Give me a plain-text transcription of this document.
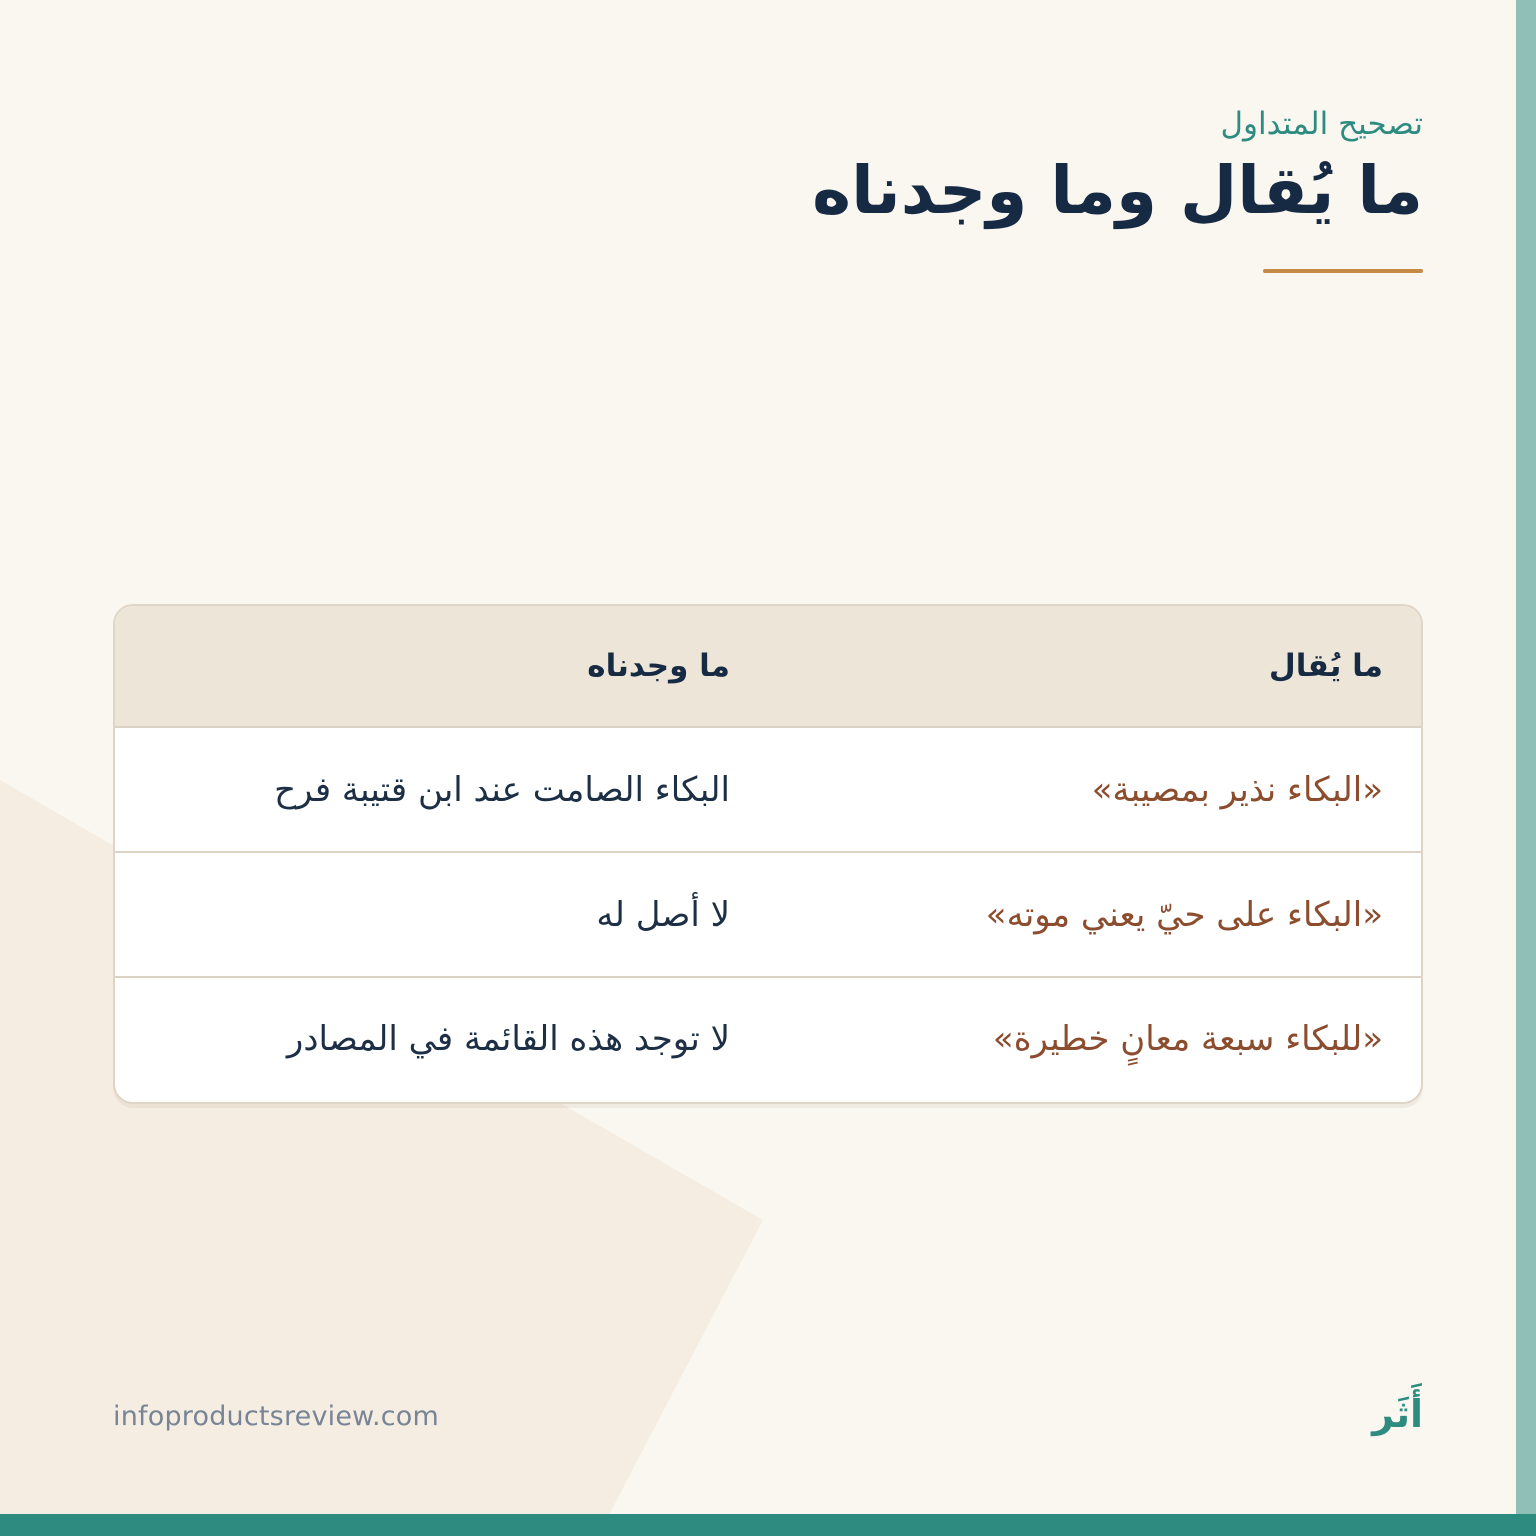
تصحيح المتداول
ما يُقال وما وجدناه
ما يُقال
ما وجدناه
«البكاء نذير بمصيبة»
البكاء الصامت عند ابن قتيبة فرح
«البكاء على حيّ يعني موته»
لا أصل له
«للبكاء سبعة معانٍ خطيرة»
لا توجد هذه القائمة في المصادر
infoproductsreview.com	أَثَر
